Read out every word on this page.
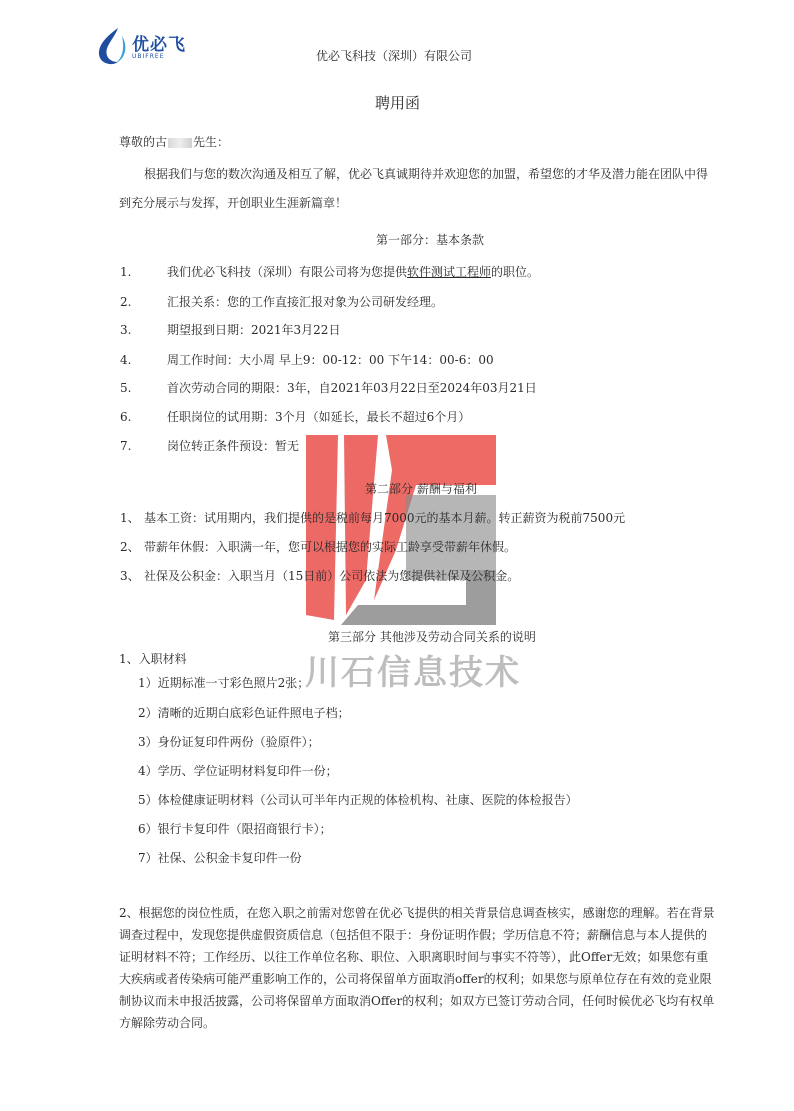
川石信息技术
优必飞
UBIFREE	优必飞科技（深圳）有限公司
聘用函
尊敬的古 先生：
根据我们与您的数次沟通及相互了解，优必飞真诚期待并欢迎您的加盟，希望您的才华及潜力能在团队中得
到充分展示与发挥，开创职业生涯新篇章！
第一部分：基本条款
1.	我们优必飞科技（深圳）有限公司将为您提供软件测试工程师的职位。
2.	汇报关系：您的工作直接汇报对象为公司研发经理。
3.	期望报到日期：2021年3月22日
4.	周工作时间：大小周 早上9：00-12：00 下午14：00-6：00
5.	首次劳动合同的期限：3年，自2021年03月22日至2024年03月21日
6.	任职岗位的试用期：3个月（如延长，最长不超过6个月）
7.	岗位转正条件预设：暂无
第二部分 薪酬与福利
1、 基本工资：试用期内，我们提供的是税前每月7000元的基本月薪。转正薪资为税前7500元
2、 带薪年休假：入职满一年，您可以根据您的实际工龄享受带薪年休假。
3、 社保及公积金：入职当月（15日前）公司依法为您提供社保及公积金。
第三部分 其他涉及劳动合同关系的说明
1、入职材料
1）近期标准一寸彩色照片2张；
2）清晰的近期白底彩色证件照电子档；
3）身份证复印件两份（验原件）；
4）学历、学位证明材料复印件一份；
5）体检健康证明材料（公司认可半年内正规的体检机构、社康、医院的体检报告）
6）银行卡复印件（限招商银行卡）；
7）社保、公积金卡复印件一份
2、根据您的岗位性质，在您入职之前需对您曾在优必飞提供的相关背景信息调查核实，感谢您的理解。若在背景
调查过程中，发现您提供虚假资质信息（包括但不限于：身份证明作假；学历信息不符；薪酬信息与本人提供的
证明材料不符；工作经历、以往工作单位名称、职位、入职离职时间与事实不符等），此Offer无效；如果您有重
大疾病或者传染病可能严重影响工作的，公司将保留单方面取消offer的权利；如果您与原单位存在有效的竞业限
制协议而未申报活披露，公司将保留单方面取消Offer的权利；如双方已签订劳动合同，任何时候优必飞均有权单
方解除劳动合同。
